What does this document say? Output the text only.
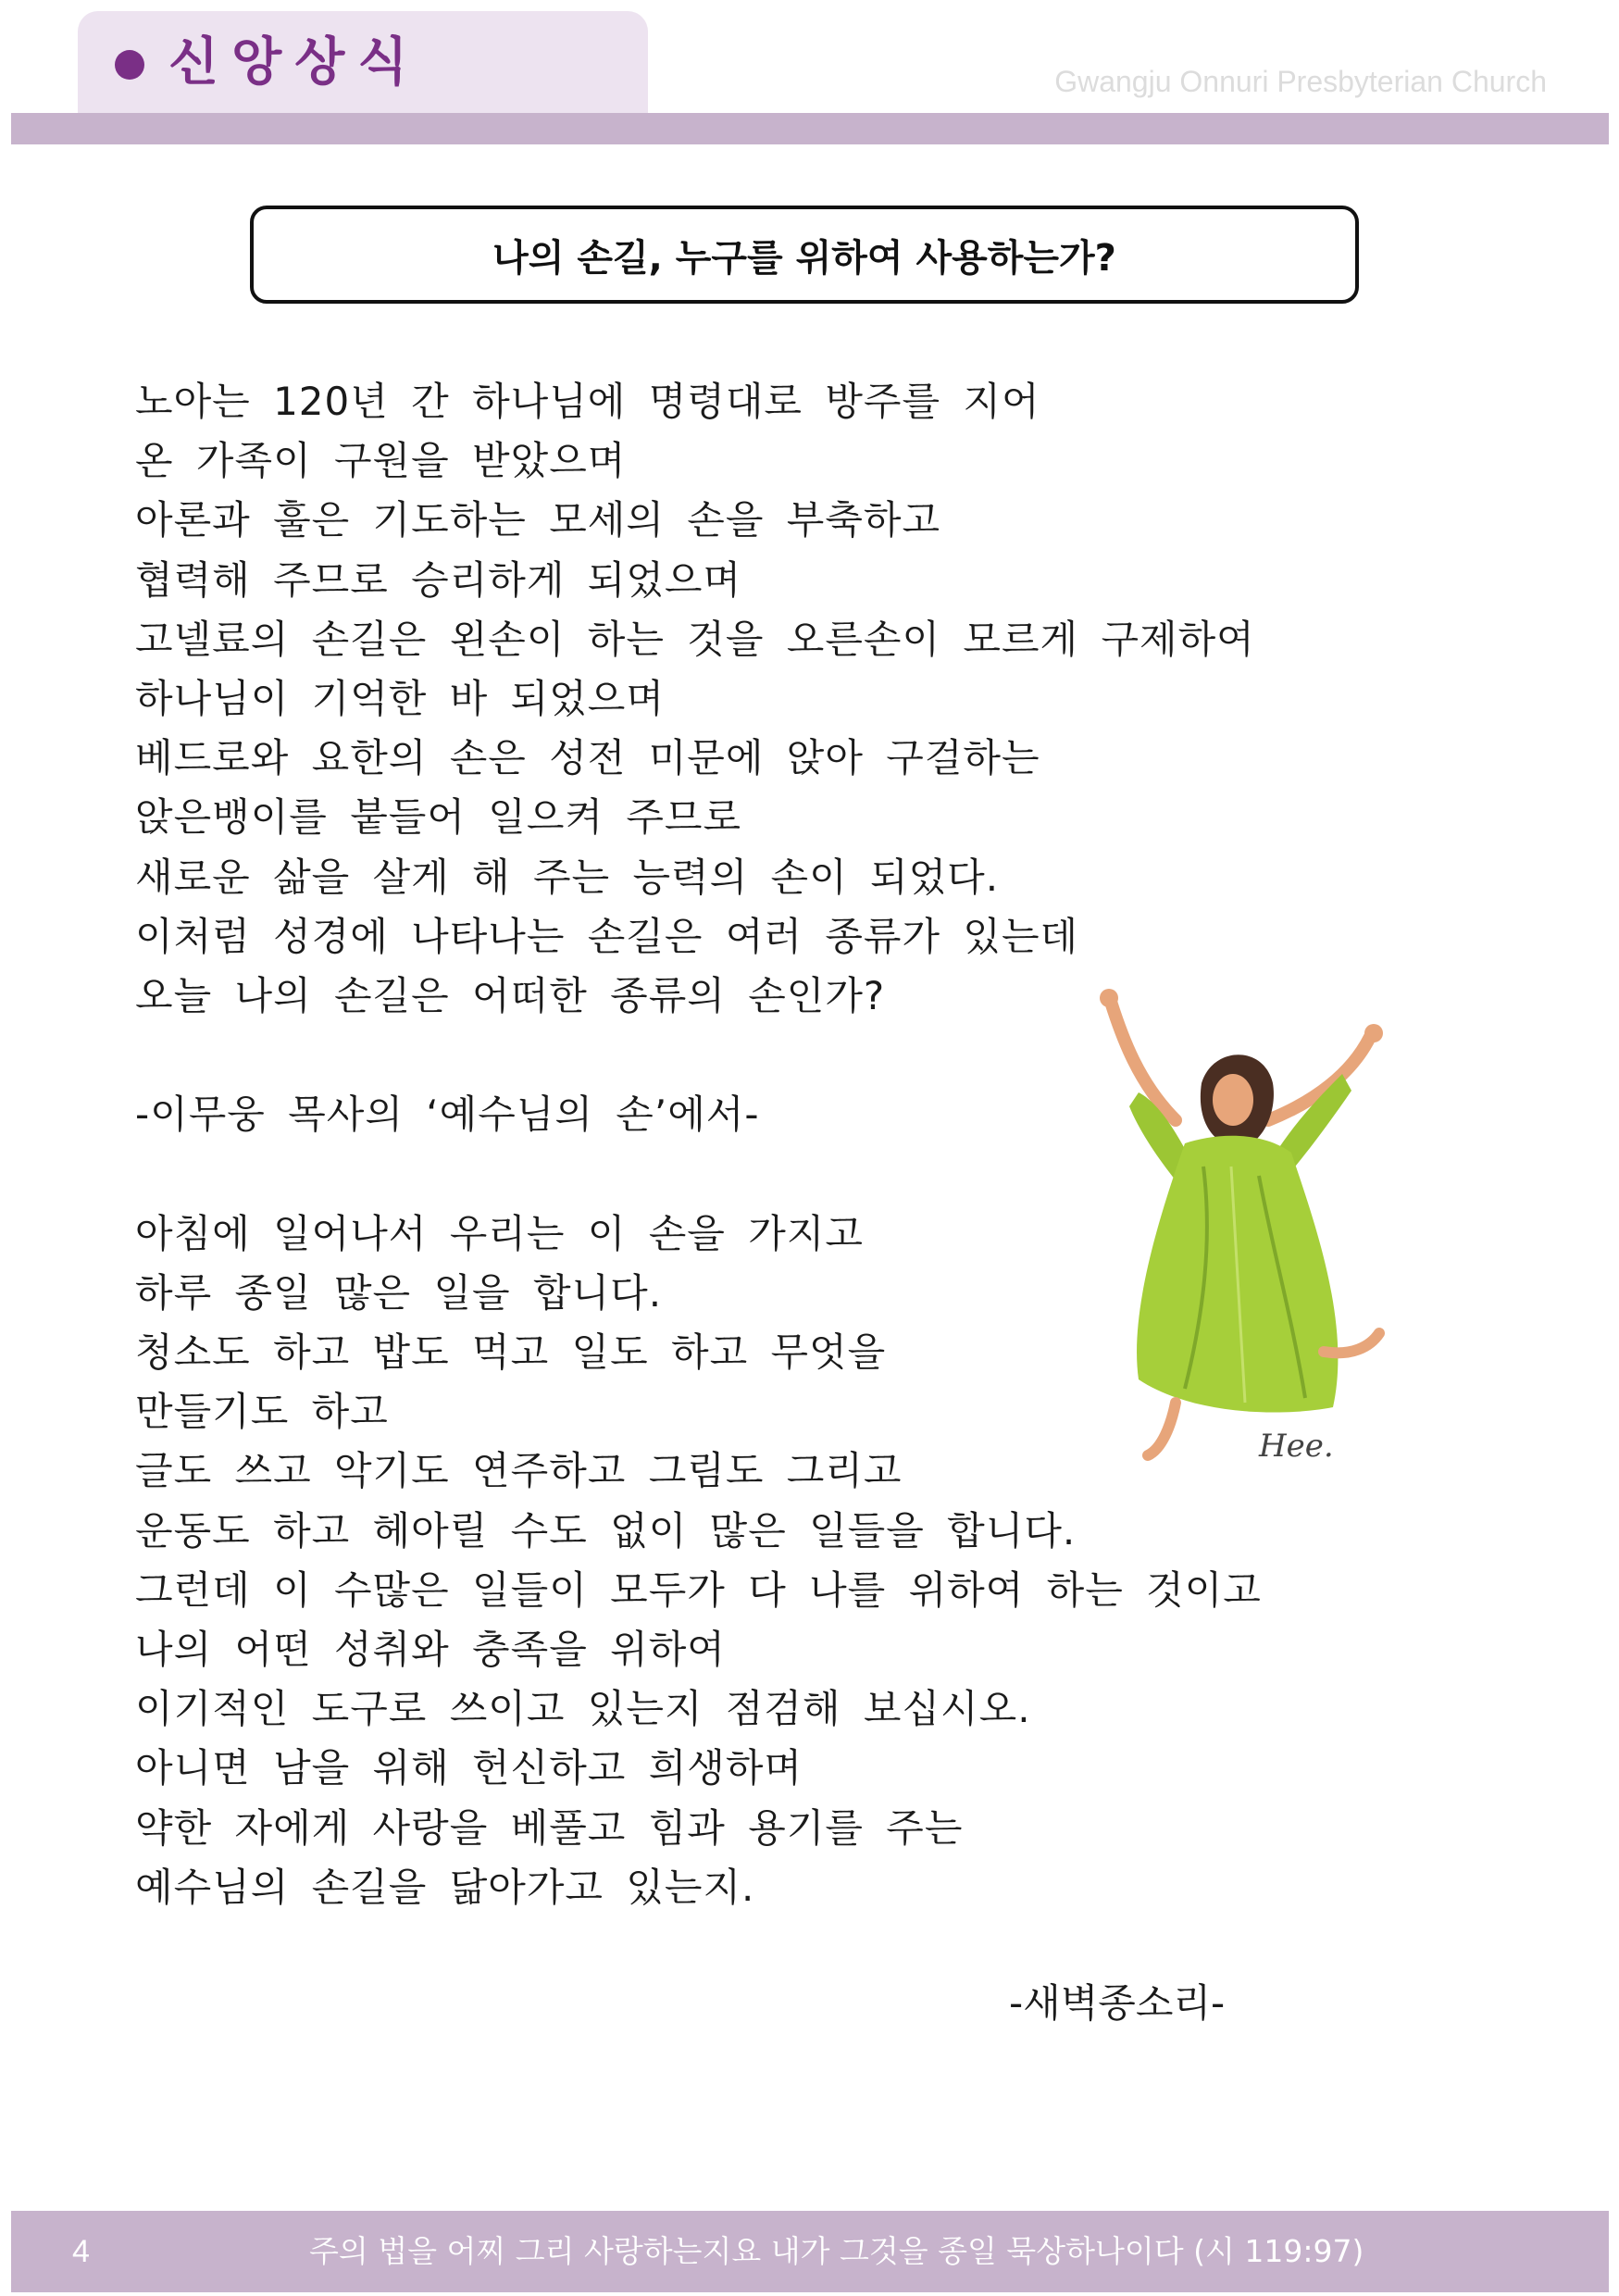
신앙상식	Gwangju Onnuri Presbyterian Church
나의 손길, 누구를 위하여 사용하는가?
노아는 120년 간 하나님에 명령대로 방주를 지어
온 가족이 구원을 받았으며
아론과 훌은 기도하는 모세의 손을 부축하고
협력해 주므로 승리하게 되었으며
고넬료의 손길은 왼손이 하는 것을 오른손이 모르게 구제하여
하나님이 기억한 바 되었으며
베드로와 요한의 손은 성전 미문에 앉아 구걸하는
앉은뱅이를 붙들어 일으켜 주므로
새로운 삶을 살게 해 주는 능력의 손이 되었다.
이처럼 성경에 나타나는 손길은 여러 종류가 있는데
오늘 나의 손길은 어떠한 종류의 손인가?
-이무웅 목사의 ‘예수님의 손’에서-
아침에 일어나서 우리는 이 손을 가지고
하루 종일 많은 일을 합니다.
청소도 하고 밥도 먹고 일도 하고 무엇을
만들기도 하고
글도 쓰고 악기도 연주하고 그림도 그리고
운동도 하고 헤아릴 수도 없이 많은 일들을 합니다.
그런데 이 수많은 일들이 모두가 다 나를 위하여 하는 것이고
나의 어떤 성취와 충족을 위하여
이기적인 도구로 쓰이고 있는지 점검해 보십시오.
아니면 남을 위해 헌신하고 희생하며
약한 자에게 사랑을 베풀고 힘과 용기를 주는
예수님의 손길을 닮아가고 있는지.
-새벽종소리-
Hee.
4	주의 법을 어찌 그리 사랑하는지요 내가 그것을 종일 묵상하나이다 (시 119:97)
